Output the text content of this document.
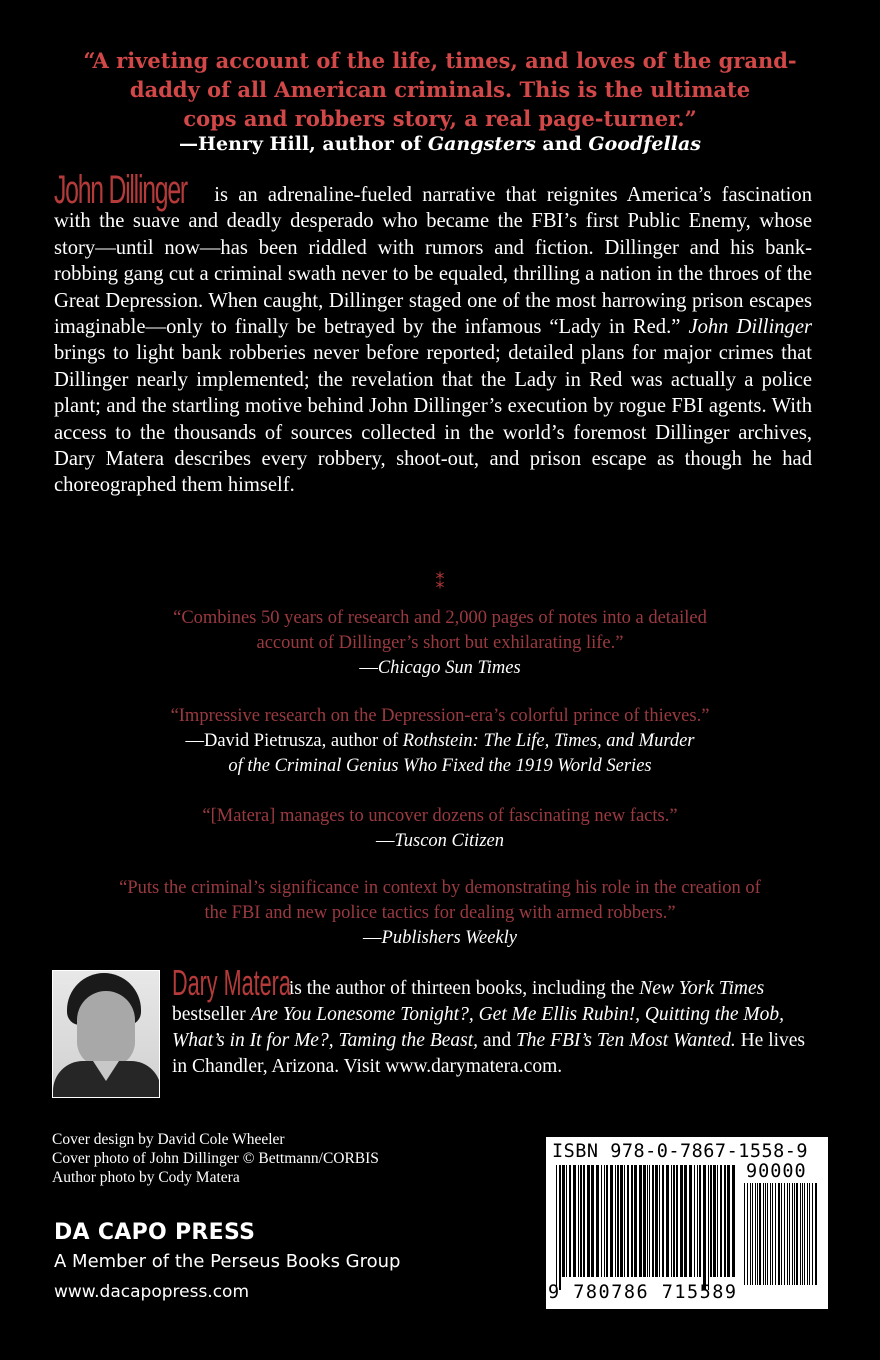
“A riveting account of the life, times, and loves of the grand-
daddy of all American criminals. This is the ultimate
cops and robbers story, a real page-turner.”
—Henry Hill, author of Gangsters and Goodfellas
John Dillinger is an adrenaline-fueled narrative that reignites America’s fascination with the suave and deadly desperado who became the FBI’s first Public Enemy, whose story—until now—has been riddled with rumors and fiction. Dillinger and his bank-robbing gang cut a criminal swath never to be equaled, thrilling a nation in the throes of the Great Depression. When caught, Dillinger staged one of the most harrowing prison escapes imaginable—only to finally be betrayed by the infamous “Lady in Red.” John Dillinger brings to light bank robberies never before reported; detailed plans for major crimes that Dillinger nearly implemented; the revelation that the Lady in Red was actually a police plant; and the startling motive behind John Dillinger’s execution by rogue FBI agents. With access to the thousands of sources collected in the world’s foremost Dillinger archives, Dary Matera describes every robbery, shoot-out, and prison escape as though he had choreographed them himself.
⁑
“Combines 50 years of research and 2,000 pages of notes into a detailed
account of Dillinger’s short but exhilarating life.”
—Chicago Sun Times
“Impressive research on the Depression-era’s colorful prince of thieves.”
—David Pietrusza, author of Rothstein: The Life, Times, and Murder
of the Criminal Genius Who Fixed the 1919 World Series
“[Matera] manages to uncover dozens of fascinating new facts.”
—Tuscon Citizen
“Puts the criminal’s significance in context by demonstrating his role in the creation of
the FBI and new police tactics for dealing with armed robbers.”
—Publishers Weekly
Dary Matera is the author of thirteen books, including the New York Times bestseller Are You Lonesome Tonight?, Get Me Ellis Rubin!, Quitting the Mob, What’s in It for Me?, Taming the Beast, and The FBI’s Ten Most Wanted. He lives in Chandler, Arizona. Visit www.darymatera.com.
Cover design by David Cole Wheeler
Cover photo of John Dillinger © Bettmann/CORBIS
Author photo by Cody Matera
DA CAPO PRESS
A Member of the Perseus Books Group
www.dacapopress.com
ISBN 978-0-7867-1558-9
90000
9 780786 715589
